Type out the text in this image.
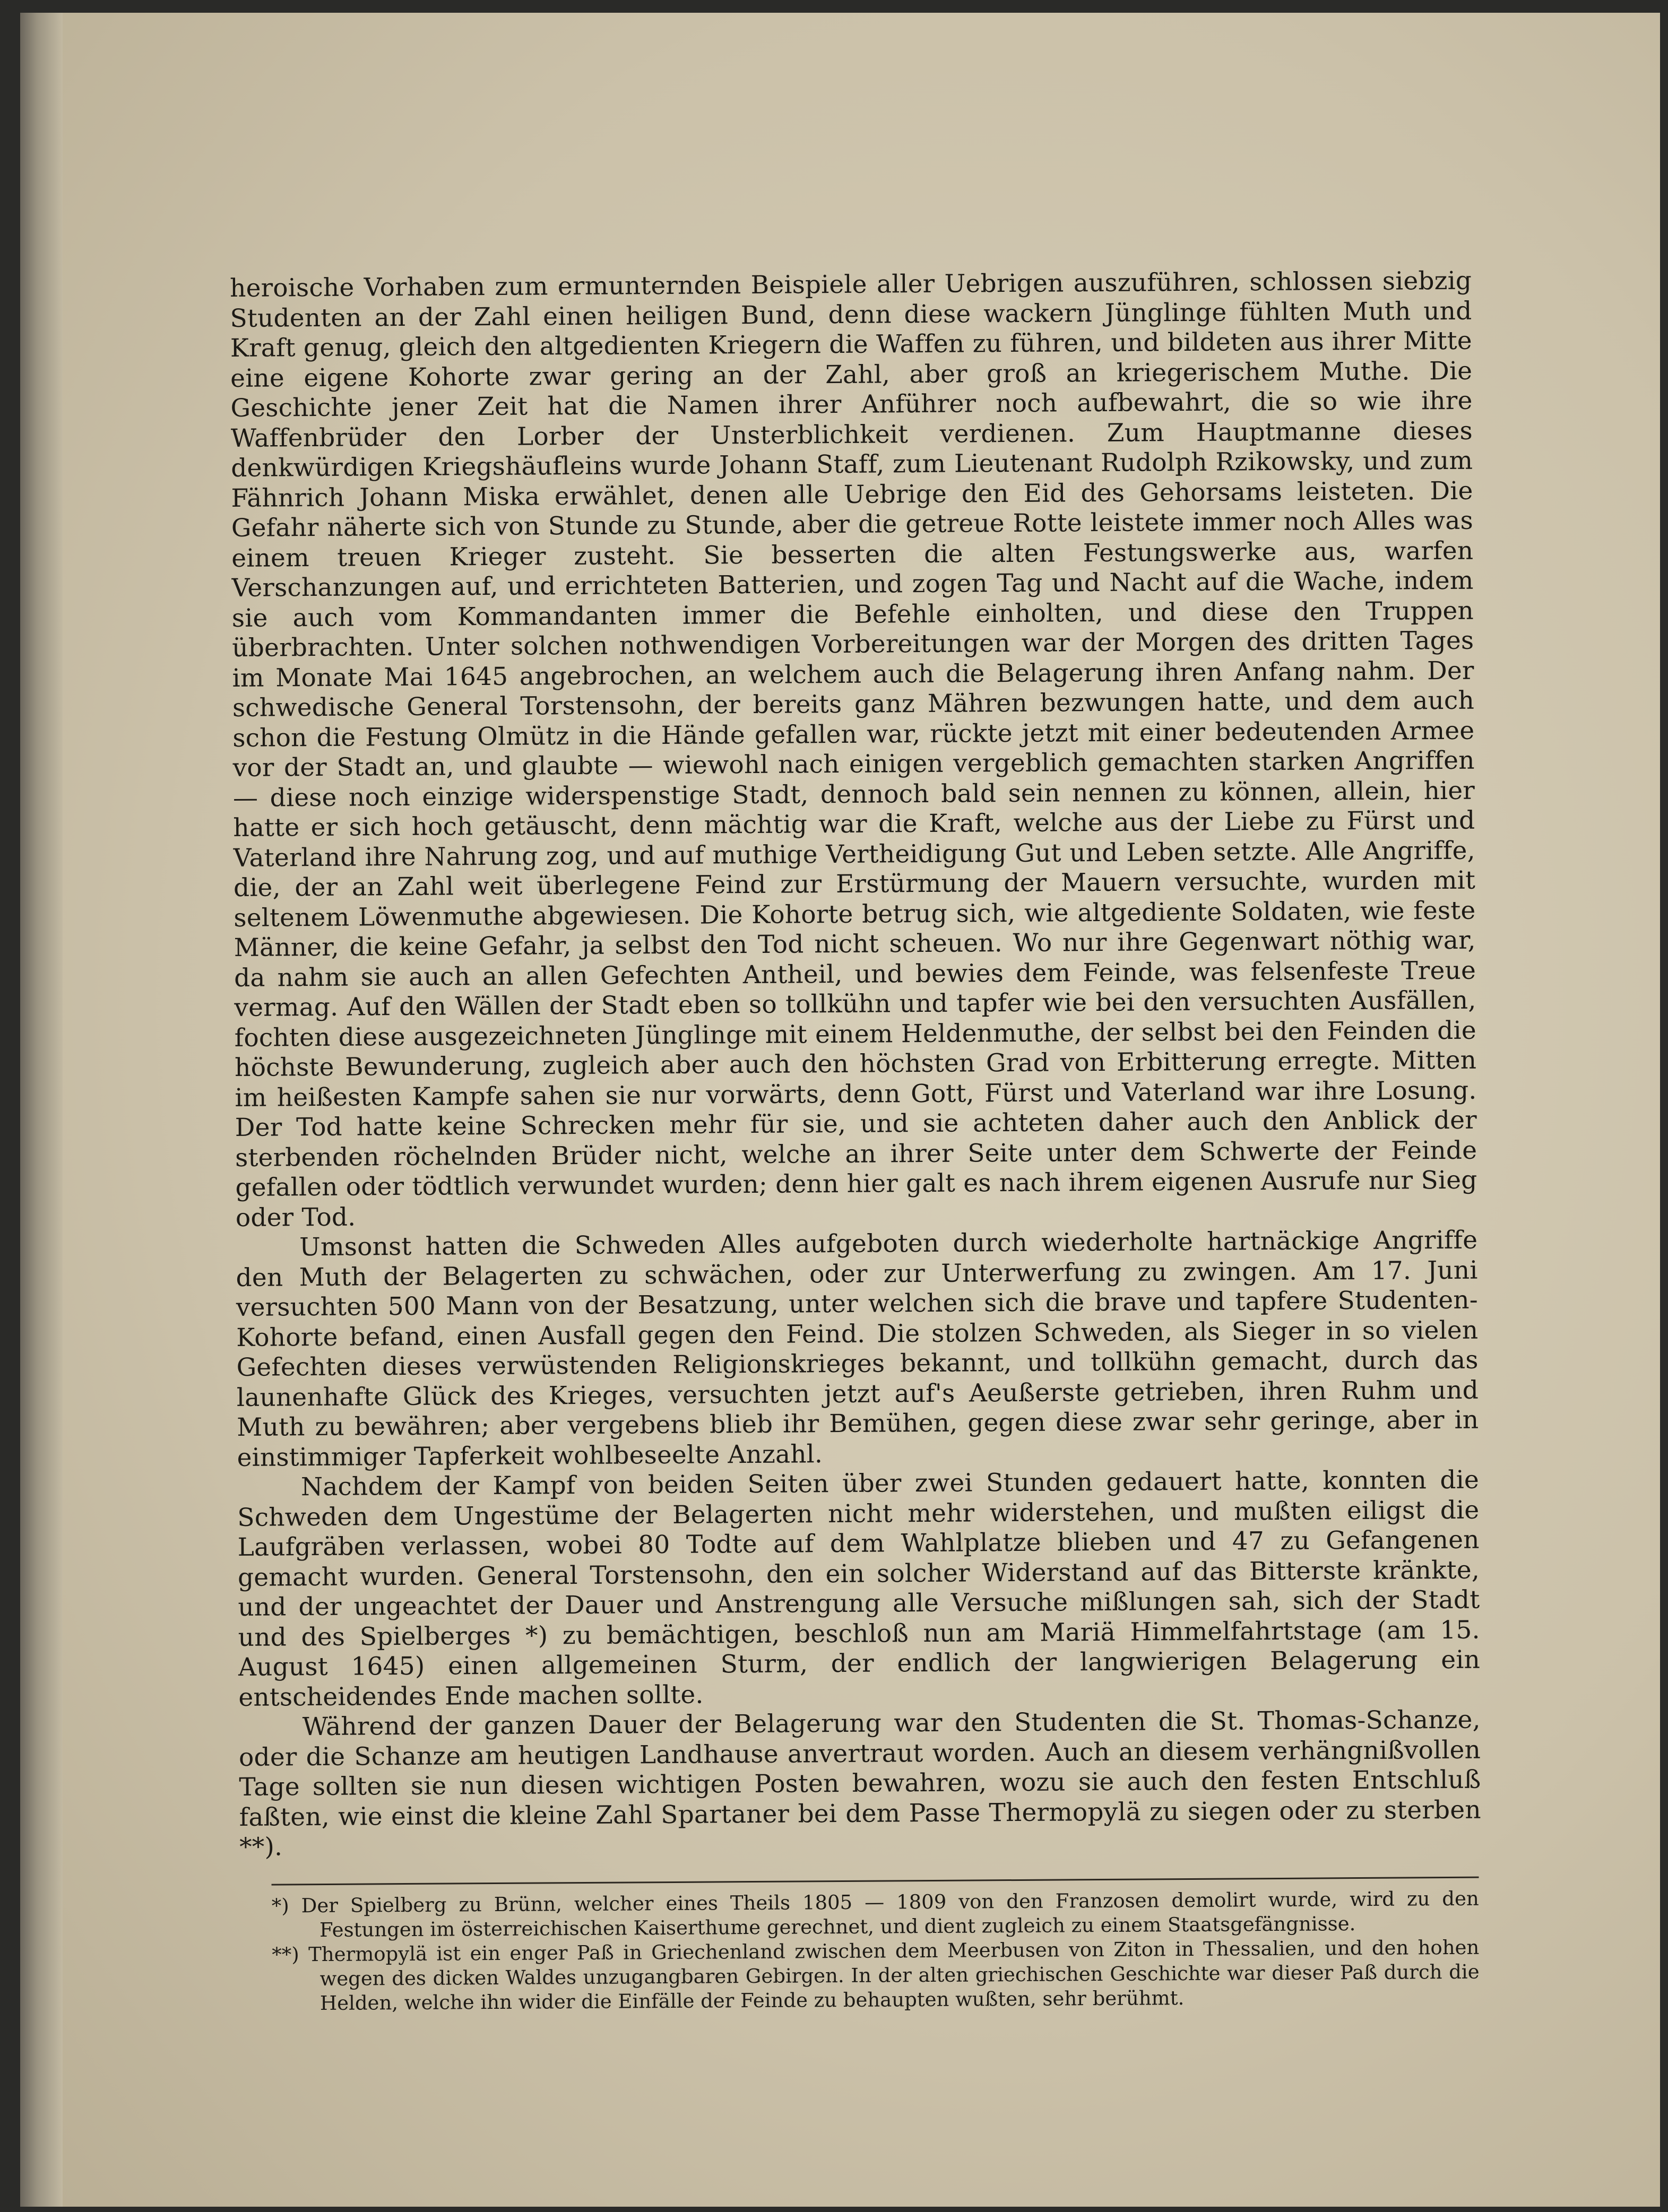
heroische Vorhaben zum ermunternden Beispiele aller Uebrigen auszuführen, schlossen siebzig Studenten an der Zahl einen heiligen Bund, denn diese wackern Jünglinge fühlten Muth und Kraft genug, gleich den altgedienten Kriegern die Waffen zu führen, und bildeten aus ihrer Mitte eine eigene Kohorte zwar gering an der Zahl, aber groß an kriegerischem Muthe. Die Geschichte jener Zeit hat die Namen ihrer Anführer noch aufbewahrt, die so wie ihre Waffenbrüder den Lorber der Unsterblichkeit verdienen. Zum Hauptmanne dieses denkwürdigen Kriegshäufleins wurde Johann Staff, zum Lieutenant Rudolph Rzikowsky, und zum Fähnrich Johann Miska erwählet, denen alle Uebrige den Eid des Gehorsams leisteten. Die Gefahr näherte sich von Stunde zu Stunde, aber die getreue Rotte leistete immer noch Alles was einem treuen Krieger zusteht. Sie besserten die alten Festungswerke aus, warfen Verschanzungen auf, und errichteten Batterien, und zogen Tag und Nacht auf die Wache, indem sie auch vom Kommandanten immer die Befehle einholten, und diese den Truppen überbrachten. Unter solchen nothwendigen Vorbereitungen war der Morgen des dritten Tages im Monate Mai 1645 angebrochen, an welchem auch die Belagerung ihren Anfang nahm. Der schwedische General Torstensohn, der bereits ganz Mähren bezwungen hatte, und dem auch schon die Festung Olmütz in die Hände gefallen war, rückte jetzt mit einer bedeutenden Armee vor der Stadt an, und glaubte — wiewohl nach einigen vergeblich gemachten starken Angriffen — diese noch einzige widerspenstige Stadt, dennoch bald sein nennen zu können, allein, hier hatte er sich hoch getäuscht, denn mächtig war die Kraft, welche aus der Liebe zu Fürst und Vaterland ihre Nahrung zog, und auf muthige Vertheidigung Gut und Leben setzte. Alle Angriffe, die, der an Zahl weit überlegene Feind zur Erstürmung der Mauern versuchte, wurden mit seltenem Löwenmuthe abgewiesen. Die Kohorte betrug sich, wie altgediente Soldaten, wie feste Männer, die keine Gefahr, ja selbst den Tod nicht scheuen. Wo nur ihre Gegenwart nöthig war, da nahm sie auch an allen Gefechten Antheil, und bewies dem Feinde, was felsenfeste Treue vermag. Auf den Wällen der Stadt eben so tollkühn und tapfer wie bei den versuchten Ausfällen, fochten diese ausgezeichneten Jünglinge mit einem Heldenmuthe, der selbst bei den Feinden die höchste Bewunderung, zugleich aber auch den höchsten Grad von Erbitterung erregte. Mitten im heißesten Kampfe sahen sie nur vorwärts, denn Gott, Fürst und Vaterland war ihre Losung. Der Tod hatte keine Schrecken mehr für sie, und sie achteten daher auch den Anblick der sterbenden röchelnden Brüder nicht, welche an ihrer Seite unter dem Schwerte der Feinde gefallen oder tödtlich verwundet wurden; denn hier galt es nach ihrem eigenen Ausrufe nur Sieg oder Tod.

Umsonst hatten die Schweden Alles aufgeboten durch wiederholte hartnäckige Angriffe den Muth der Belagerten zu schwächen, oder zur Unterwerfung zu zwingen. Am 17. Juni versuchten 500 Mann von der Besatzung, unter welchen sich die brave und tapfere Studenten-Kohorte befand, einen Ausfall gegen den Feind. Die stolzen Schweden, als Sieger in so vielen Gefechten dieses verwüstenden Religionskrieges bekannt, und tollkühn gemacht, durch das launenhafte Glück des Krieges, versuchten jetzt auf's Aeußerste getrieben, ihren Ruhm und Muth zu bewähren; aber vergebens blieb ihr Bemühen, gegen diese zwar sehr geringe, aber in einstimmiger Tapferkeit wohlbeseelte Anzahl.

Nachdem der Kampf von beiden Seiten über zwei Stunden gedauert hatte, konnten die Schweden dem Ungestüme der Belagerten nicht mehr widerstehen, und mußten eiligst die Laufgräben verlassen, wobei 80 Todte auf dem Wahlplatze blieben und 47 zu Gefangenen gemacht wurden. General Torstensohn, den ein solcher Widerstand auf das Bitterste kränkte, und der ungeachtet der Dauer und Anstrengung alle Versuche mißlungen sah, sich der Stadt und des Spielberges *) zu bemächtigen, beschloß nun am Mariä Himmelfahrtstage (am 15. August 1645) einen allgemeinen Sturm, der endlich der langwierigen Belagerung ein entscheidendes Ende machen sollte.

Während der ganzen Dauer der Belagerung war den Studenten die St. Thomas-Schanze, oder die Schanze am heutigen Landhause anvertraut worden. Auch an diesem verhängnißvollen Tage sollten sie nun diesen wichtigen Posten bewahren, wozu sie auch den festen Entschluß faßten, wie einst die kleine Zahl Spartaner bei dem Passe Thermopylä zu siegen oder zu sterben **).

*) Der Spielberg zu Brünn, welcher eines Theils 1805 — 1809 von den Franzosen demolirt wurde, wird zu den Festungen im österreichischen Kaiserthume gerechnet, und dient zugleich zu einem Staatsgefängnisse.

**) Thermopylä ist ein enger Paß in Griechenland zwischen dem Meerbusen von Ziton in Thessalien, und den hohen wegen des dicken Waldes unzugangbaren Gebirgen. In der alten griechischen Geschichte war dieser Paß durch die Helden, welche ihn wider die Einfälle der Feinde zu behaupten wußten, sehr berühmt.
